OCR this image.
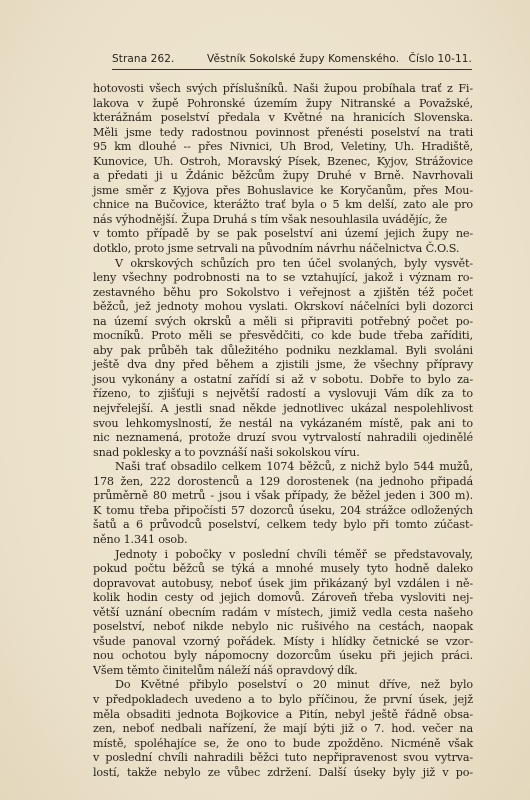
Strana 262.	Věstník Sokolské župy Komenského. Číslo 10-11.
hotovosti všech svých příslušníků. Naši župou probíhala trať z Fi-
lakova v župě Pohronské územím župy Nitranské a Považské,
kterážnám poselství předala v Květné na hranicích Slovenska.
Měli jsme tedy radostnou povinnost přenésti poselství na trati
95 km dlouhé -- přes Nivnici, Uh Brod, Veletiny, Uh. Hradiště,
Kunovice, Uh. Ostroh, Moravský Písek, Bzenec, Kyjov, Strážovice
a předati ji u Ždánic běžcům župy Druhé v Brně. Navrhovali
jsme směr z Kyjova přes Bohuslavice ke Koryčanům, přes Mou-
chnice na Bučovice, kterážto trať byla o 5 km delší, zato ale pro
nás výhodnější. Župa Druhá s tím však nesouhlasila uvádějíc, že
v tomto případě by se pak poselství ani území jejich župy ne-
dotklo, proto jsme setrvali na původním návrhu náčelnictva Č.O.S.
V okrskových schůzích pro ten účel svolaných, byly vysvět-
leny všechny podrobnosti na to se vztahující, jakož i význam ro-
zestavného běhu pro Sokolstvo i veřejnost a zjištěn též počet
běžců, jež jednoty mohou vyslati. Okrskoví náčelníci byli dozorci
na území svých okrsků a měli si připraviti potřebný počet po-
mocníků. Proto měli se přesvědčiti, co kde bude třeba zaříditi,
aby pak průběh tak důležitého podniku nezklamal. Byli svoláni
ještě dva dny před během a zjistili jsme, že všechny přípravy
jsou vykonány a ostatní zařídí si až v sobotu. Dobře to bylo za-
řízeno, to zjišťuji s největší radostí a vyslovuji Vám dík za to
nejvřelejší. A jestli snad někde jednotlivec ukázal nespolehlivost
svou lehkomyslností, že nestál na vykázaném místě, pak ani to
nic neznamená, protože druzí svou vytrvalostí nahradili ojedinělé
snad poklesky a to povznáší naši sokolskou víru.
Naši trať obsadilo celkem 1074 běžců, z nichž bylo 544 mužů,
178 žen, 222 dorostenců a 129 dorostenek (na jednoho připadá
průměrně 80 metrů - jsou i však případy, že běžel jeden i 300 m).
K tomu třeba připočísti 57 dozorců úseku, 204 strážce odložených
šatů a 6 průvodců poselství, celkem tedy bylo při tomto zúčast-
něno 1.341 osob.
Jednoty i pobočky v poslední chvíli téměř se představovaly,
pokud počtu běžců se týká a mnohé musely tyto hodně daleko
dopravovat autobusy, neboť úsek jim přikázaný byl vzdálen i ně-
kolik hodin cesty od jejich domovů. Zároveň třeba vysloviti nej-
větší uznání obecním radám v místech, jimiž vedla cesta našeho
poselství, neboť nikde nebylo nic rušivého na cestách, naopak
všude panoval vzorný pořádek. Místy i hlídky četnické se vzor-
nou ochotou byly nápomocny dozorcům úseku při jejich práci.
Všem těmto činitelům náleží náš opravdový dík.
Do Květné přibylo poselství o 20 minut dříve, než bylo
v předpokladech uvedeno a to bylo příčinou, že první úsek, jejž
měla obsaditi jednota Bojkovice a Pitín, nebyl ještě řádně obsa-
zen, neboť nedbali nařízení, že mají býti již o 7. hod. večer na
místě, spoléhajíce se, že ono to bude zpožděno. Nicméně však
v poslední chvíli nahradili běžci tuto nepřipravenost svou vytrva-
lostí, takže nebylo ze vůbec zdržení. Další úseky byly již v po-
